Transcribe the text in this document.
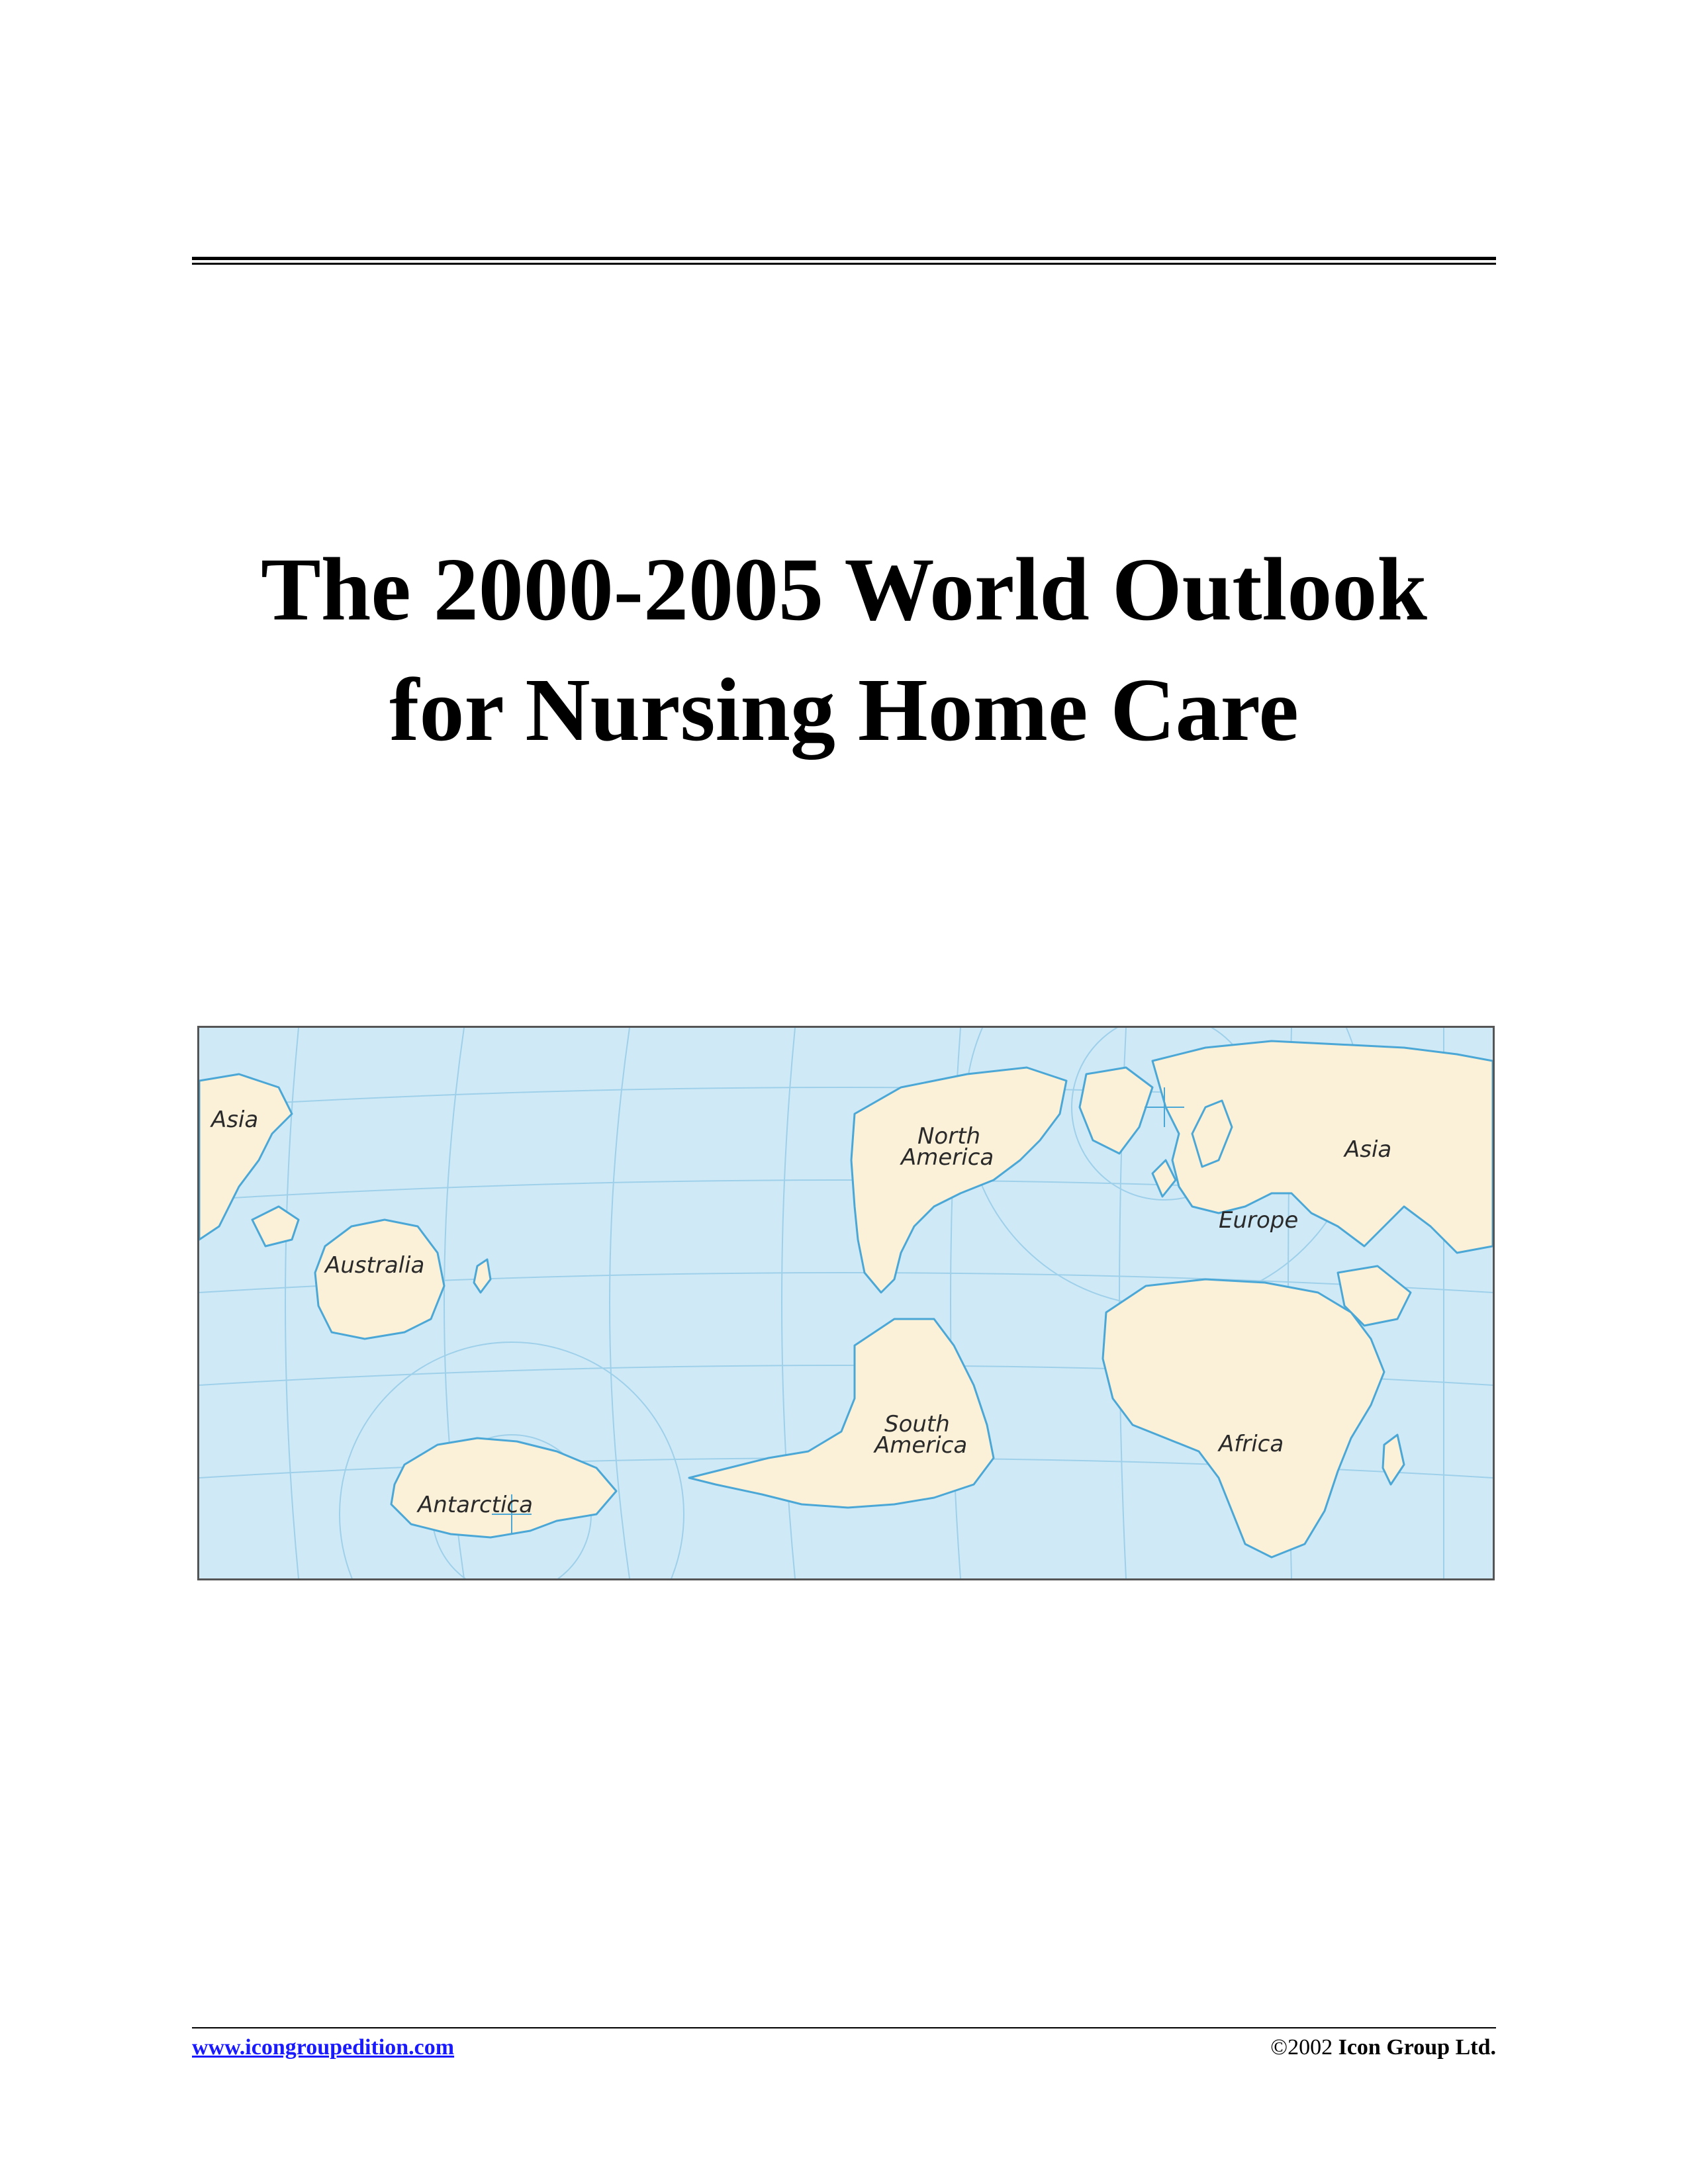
The 2000-2005 World Outlook
for Nursing Home Care
Asia
Australia
Antarctica
North
America
South
America
Asia
Europe
Africa
www.icongroupedition.com	©2002 Icon Group Ltd.
